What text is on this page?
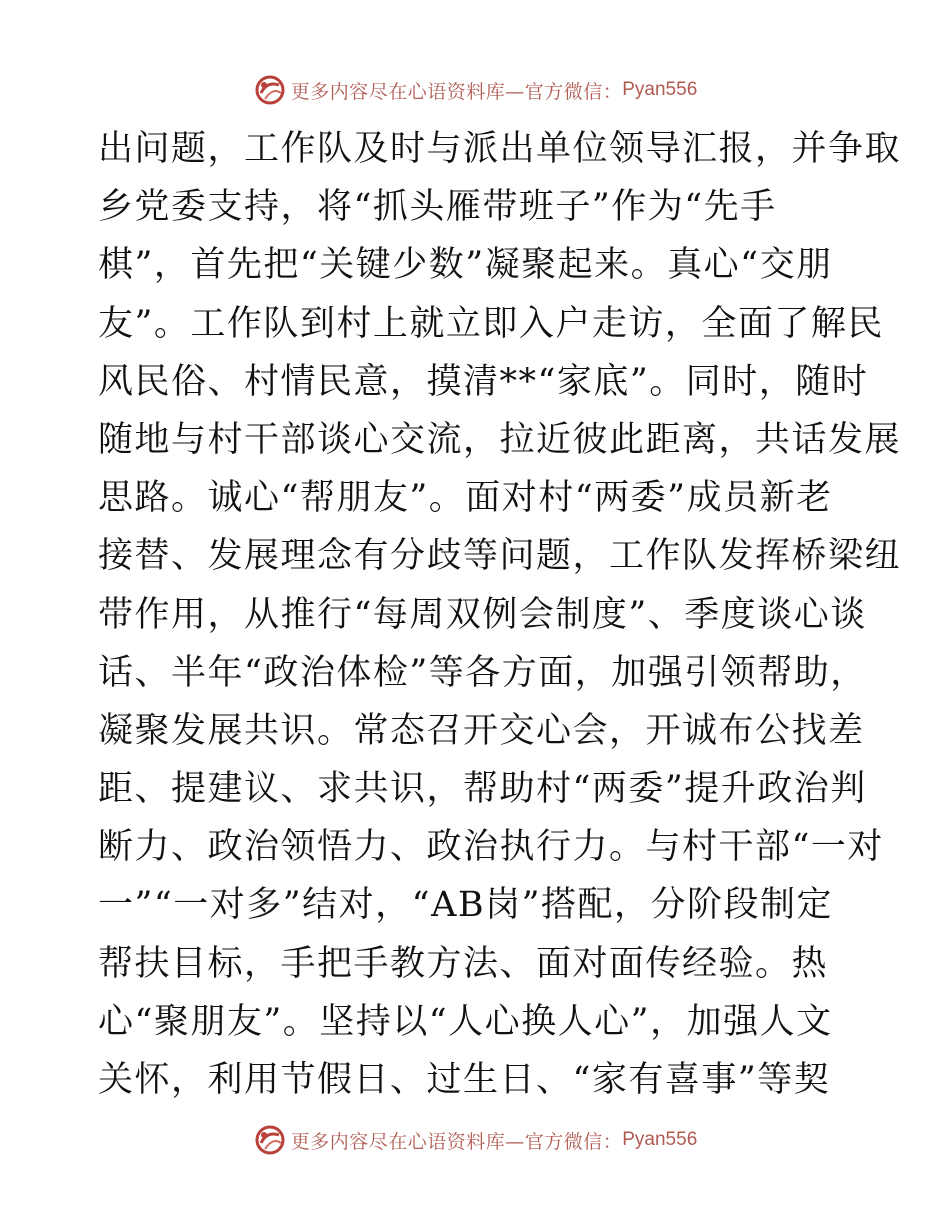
更多内容尽在心语资料库—官方微信： Pyan556
出问题，工作队及时与派出单位领导汇报，并争取
乡党委支持，将“抓头雁带班子”作为“先手
棋”，首先把“关键少数”凝聚起来。真心“交朋
友”。工作队到村上就立即入户走访，全面了解民
风民俗、村情民意，摸清**“家底”。同时，随时
随地与村干部谈心交流，拉近彼此距离，共话发展
思路。诚心“帮朋友”。面对村“两委”成员新老
接替、发展理念有分歧等问题，工作队发挥桥梁纽
带作用，从推行“每周双例会制度”、季度谈心谈
话、半年“政治体检”等各方面，加强引领帮助，
凝聚发展共识。常态召开交心会，开诚布公找差
距、提建议、求共识，帮助村“两委”提升政治判
断力、政治领悟力、政治执行力。与村干部“一对
一”“一对多”结对，“AB岗”搭配，分阶段制定
帮扶目标，手把手教方法、面对面传经验。热
心“聚朋友”。坚持以“人心换人心”，加强人文
关怀，利用节假日、过生日、“家有喜事”等契
更多内容尽在心语资料库—官方微信： Pyan556
